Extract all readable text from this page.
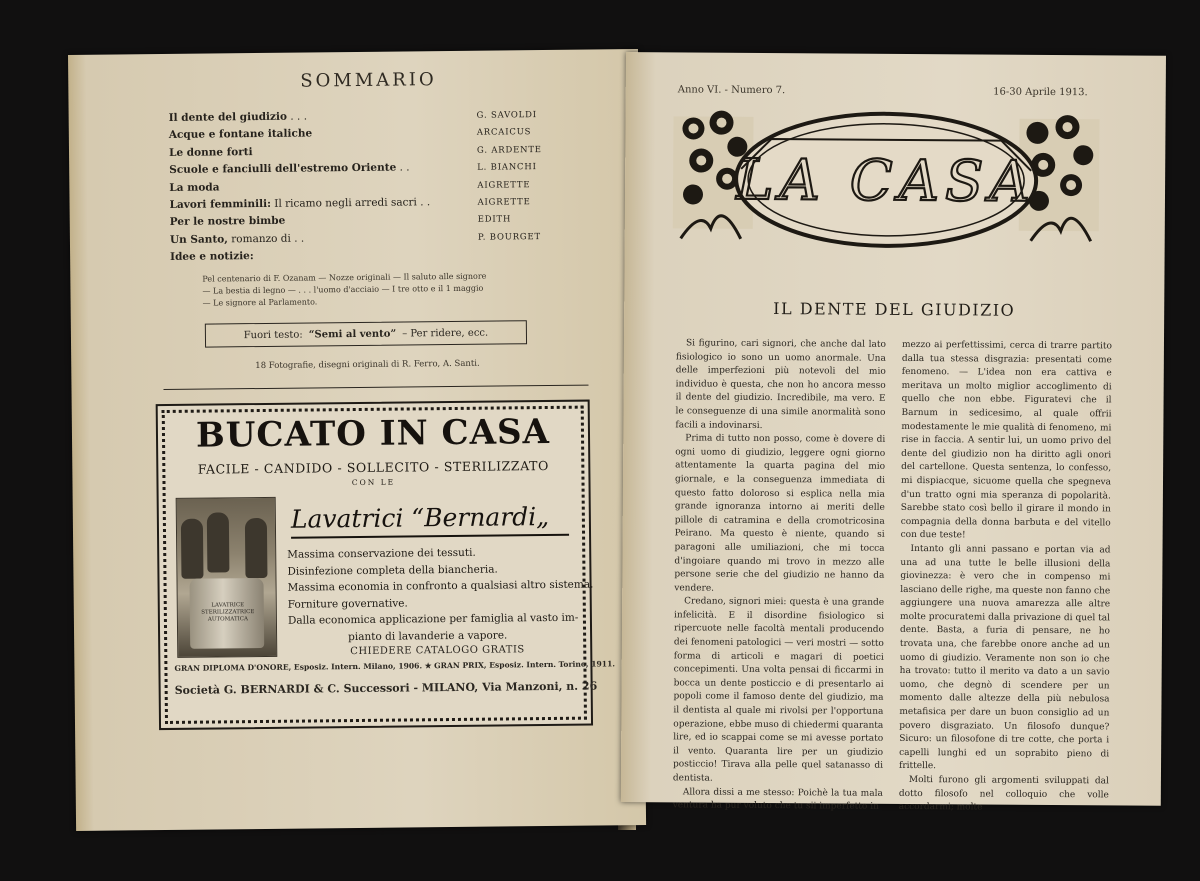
SOMMARIO
Il dente del giudizio . . .	G. SAVOLDI
Acque e fontane italiche	ARCAICUS
Le donne forti	G. ARDENTE
Scuole e fanciulli dell'estremo Oriente . .	L. BIANCHI
La moda	AIGRETTE
Lavori femminili: Il ricamo negli arredi sacri . .	AIGRETTE
Per le nostre bimbe	EDITH
Un Santo, romanzo di . .	P. BOURGET
Idee e notizie:
Pel centenario di F. Ozanam — Nozze originali — Il saluto alle signore
— La bestia di legno — . . . l'uomo d'acciaio — I tre otto e il 1 maggio
— Le signore al Parlamento.
Fuori testo: “Semi al vento” – Per ridere, ecc.
18 Fotografie, disegni originali di R. Ferro, A. Santi.
BUCATO IN CASA
FACILE - CANDIDO - SOLLECITO - STERILIZZATO
CON LE
LAVATRICE STERILIZZATRICE AUTOMATICA
Lavatrici “Bernardi„
Massima conservazione dei tessuti.
Disinfezione completa della biancheria.
Massima economia in confronto a qualsiasi altro sistema.
Forniture governative.
Dalla economica applicazione per famiglia al vasto im-
pianto di lavanderie a vapore.
CHIEDERE CATALOGO GRATIS
GRAN DIPLOMA D'ONORE, Esposiz. Intern. Milano, 1906. ★ GRAN PRIX, Esposiz. Intern. Torino, 1911.
Società G. BERNARDI & C. Successori - MILANO, Via Manzoni, n. 26
Anno VI. - Numero 7.	16-30 Aprile 1913.
LA CASA
IL DENTE DEL GIUDIZIO

Si figurino, cari signori, che anche dal lato fisiologico io sono un uomo anormale. Una delle imperfezioni più notevoli del mio individuo è questa, che non ho ancora messo il dente del giudizio. Incredibile, ma vero. E le conseguenze di una simile anormalità sono facili a indovinarsi.

Prima di tutto non posso, come è dovere di ogni uomo di giudizio, leggere ogni giorno attentamente la quarta pagina del mio giornale, e la conseguenza immediata di questo fatto doloroso si esplica nella mia grande ignoranza intorno ai meriti delle pillole di catramina e della cromotricosina Peirano. Ma questo è niente, quando si paragoni alle umiliazioni, che mi tocca d'ingoiare quando mi trovo in mezzo alle persone serie che del giudizio ne hanno da vendere.

Credano, signori miei: questa è una grande infelicità. E il disordine fisiologico si ripercuote nelle facoltà mentali producendo dei fenomeni patologici — veri mostri — sotto forma di articoli e magari di poetici concepimenti. Una volta pensai di ficcarmi in bocca un dente posticcio e di presentarlo ai popoli come il famoso dente del giudizio, ma il dentista al quale mi rivolsi per l'opportuna operazione, ebbe muso di chiedermi quaranta lire, ed io scappai come se mi avesse portato il vento. Quaranta lire per un giudizio posticcio! Tirava alla pelle quel satanasso di dentista.

Allora dissi a me stesso: Poichè la tua mala ventura ha pur voluto che tu sii imperfetto in

mezzo ai perfettissimi, cerca di trarre partito dalla tua stessa disgrazia: presentati come fenomeno. — L'idea non era cattiva e meritava un molto miglior accoglimento di quello che non ebbe. Figuratevi che il Barnum in sedicesimo, al quale offrii modestamente le mie qualità di fenomeno, mi rise in faccia. A sentir lui, un uomo privo del dente del giudizio non ha diritto agli onori del cartellone. Questa sentenza, lo confesso, mi dispiacque, sicuome quella che spegneva d'un tratto ogni mia speranza di popolarità. Sarebbe stato così bello il girare il mondo in compagnia della donna barbuta e del vitello con due teste!

Intanto gli anni passano e portan via ad una ad una tutte le belle illusioni della giovinezza: è vero che in compenso mi lasciano delle righe, ma queste non fanno che aggiungere una nuova amarezza alle altre molte procuratemi dalla privazione di quel tal dente. Basta, a furia di pensare, ne ho trovata una, che farebbe onore anche ad un uomo di giudizio. Veramente non son io che ha trovato: tutto il merito va dato a un savio uomo, che degnò di scendere per un momento dalle altezze della più nebulosa metafisica per dare un buon consiglio ad un povero disgraziato. Un filosofo dunque? Sicuro: un filosofone di tre cotte, che porta i capelli lunghi ed un soprabito pieno di frittelle.

Molti furono gli argomenti sviluppati dal dotto filosofo nel colloquio che volle accordarmi; molte
